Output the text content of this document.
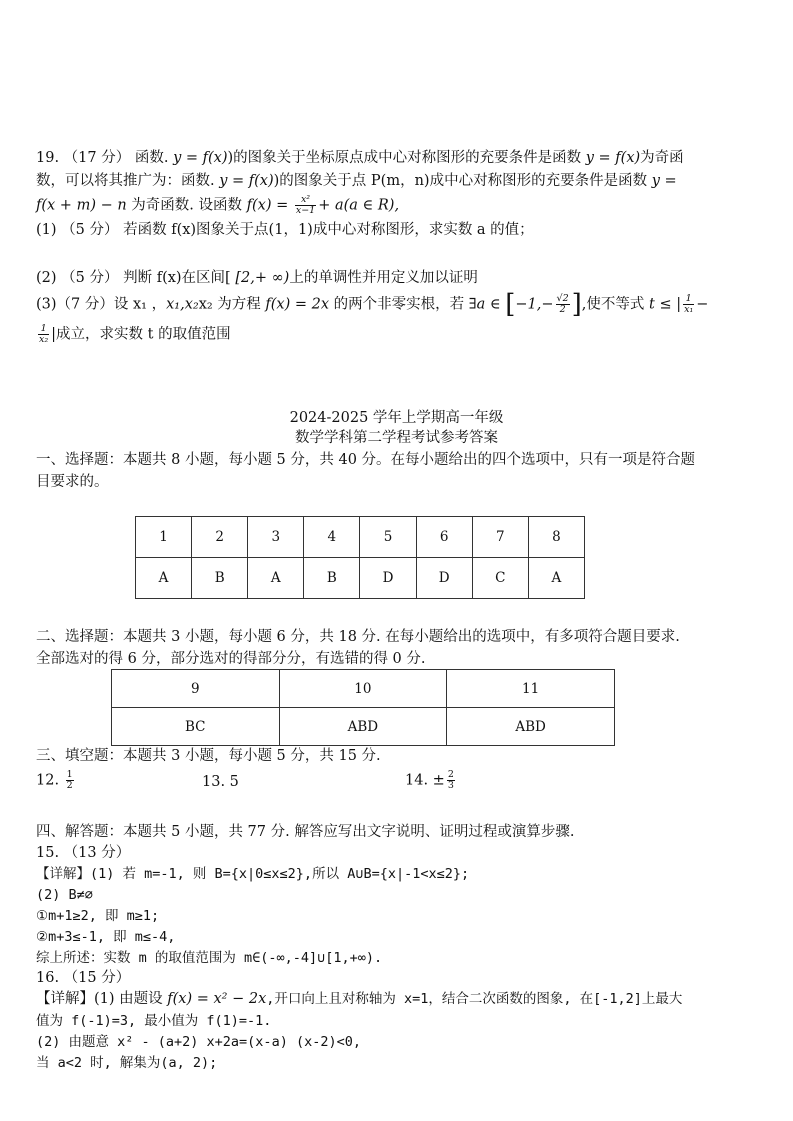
19. （17 分） 函数. y = f(x))的图象关于坐标原点成中心对称图形的充要条件是函数 y = f(x)为奇函
数，可以将其推广为：函数. y = f(x))的图象关于点 P(m，n)成中心对称图形的充要条件是函数 y =
f(x + m) − n 为奇函数. 设函数 $f(x) = \frac{\text{x²}}{x-1} + a(a$ ∈ R),
(1) （5 分） 若函数 f(x)图象关于点(1，1)成中心对称图形，求实数 a 的值；
(2) （5 分） 判断 f(x)在区间[ [2,+ ∞)上的单调性并用定义加以证明
(3)（7 分）设 x₁ ，x₁,x₂x₂ 为方程 f(x) = 2x 的两个非零实根，若 ∃a ∈ [$-1,- \frac{√2}{2}$ ],使不等式 t ≤ | $\frac{1}{\text{x₁}}$ −
$\frac{1}{\text{x₂}}$ |成立，求实数 t 的取值范围
2024-2025 学年上学期高一年级
数学学科第二学程考试参考答案
一、选择题：本题共 8 小题，每小题 5 分，共 40 分。在每小题给出的四个选项中，只有一项是符合题
目要求的。
1	2	3	4	5	6	7	8
A	B	A	B	D	D	C	A
二、选择题：本题共 3 小题，每小题 6 分，共 18 分. 在每小题给出的选项中，有多项符合题目要求.
全部选对的得 6 分，部分选对的得部分分，有选错的得 0 分.
9	10	11
BC	ABD	ABD
三、填空题：本题共 3 小题，每小题 5 分，共 15 分.
12. $\frac{1}{2}$	13. 5	14. ± $\frac{2}{3}$
四、解答题：本题共 5 小题，共 77 分. 解答应写出文字说明、证明过程或演算步骤.
15. （13 分）
【详解】(1) 若 m=-1, 则 B={x|0≤x≤2},所以 A∪B={x|-1<x≤2};
(2) B≠∅
①m+1≥2, 即 m≥1;
②m+3≤-1, 即 m≤-4,
综上所述：实数 m 的取值范围为 m∈(-∞,-4]∪[1,+∞).
16. （15 分）
【详解】(1) 由题设 f(x) = x² − 2x,开口向上且对称轴为 x=1，结合二次函数的图象, 在[-1,2]上最大
值为 f(-1)=3, 最小值为 f(1)=-1.
(2) 由题意 x² - (a+2) x+2a=(x-a) (x-2)<0,
当 a<2 时, 解集为(a, 2);
